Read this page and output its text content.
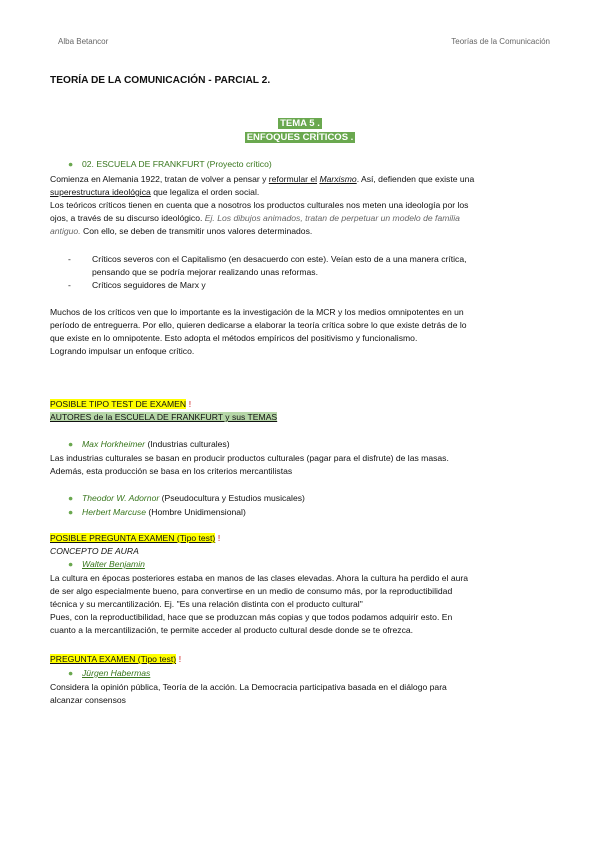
Alba Betancor	Teorías de la Comunicación
TEORÍA DE LA COMUNICACIÓN - PARCIAL 2.
TEMA 5 .
ENFOQUES CRÍTICOS .
● 02. ESCUELA DE FRANKFURT (Proyecto crítico)
Comienza en Alemania 1922, tratan de volver a pensar y reformular el Marxismo. Así, defienden que existe una
superestructura ideológica que legaliza el orden social.
Los teóricos críticos tienen en cuenta que a nosotros los productos culturales nos meten una ideología por los
ojos, a través de su discurso ideológico. Ej. Los dibujos animados, tratan de perpetuar un modelo de familia
antiguo. Con ello, se deben de transmitir unos valores determinados.
- Críticos severos con el Capitalismo (en desacuerdo con este). Veían esto de a una manera crítica,
pensando que se podría mejorar realizando unas reformas.
- Críticos seguidores de Marx y
Muchos de los críticos ven que lo importante es la investigación de la MCR y los medios omnipotentes en un
período de entreguerra. Por ello, quieren dedicarse a elaborar la teoría crítica sobre lo que existe detrás de lo
que existe en lo omnipotente. Esto adopta el métodos empíricos del positivismo y funcionalismo.
Logrando impulsar un enfoque crítico.
POSIBLE TIPO TEST DE EXAMEN !
AUTORES de la ESCUELA DE FRANKFURT y sus TEMAS
● Max Horkheimer (Industrias culturales)
Las industrias culturales se basan en producir productos culturales (pagar para el disfrute) de las masas.
Además, esta producción se basa en los criterios mercantilistas
● Theodor W. Adornor (Pseudocultura y Estudios musicales)
● Herbert Marcuse (Hombre Unidimensional)
POSIBLE PREGUNTA EXAMEN (Tipo test) !
CONCEPTO DE AURA
● Walter Benjamin
La cultura en épocas posteriores estaba en manos de las clases elevadas. Ahora la cultura ha perdido el aura
de ser algo especialmente bueno, para convertirse en un medio de consumo más, por la reproductibilidad
técnica y su mercantilización. Ej. "Es una relación distinta con el producto cultural"
Pues, con la reproductibilidad, hace que se produzcan más copias y que todos podamos adquirir esto. En
cuanto a la mercantilización, te permite acceder al producto cultural desde donde se te ofrezca.
PREGUNTA EXAMEN (Tipo test) !
● Jürgen Habermas
Considera la opinión pública, Teoría de la acción. La Democracia participativa basada en el diálogo para
alcanzar consensos
